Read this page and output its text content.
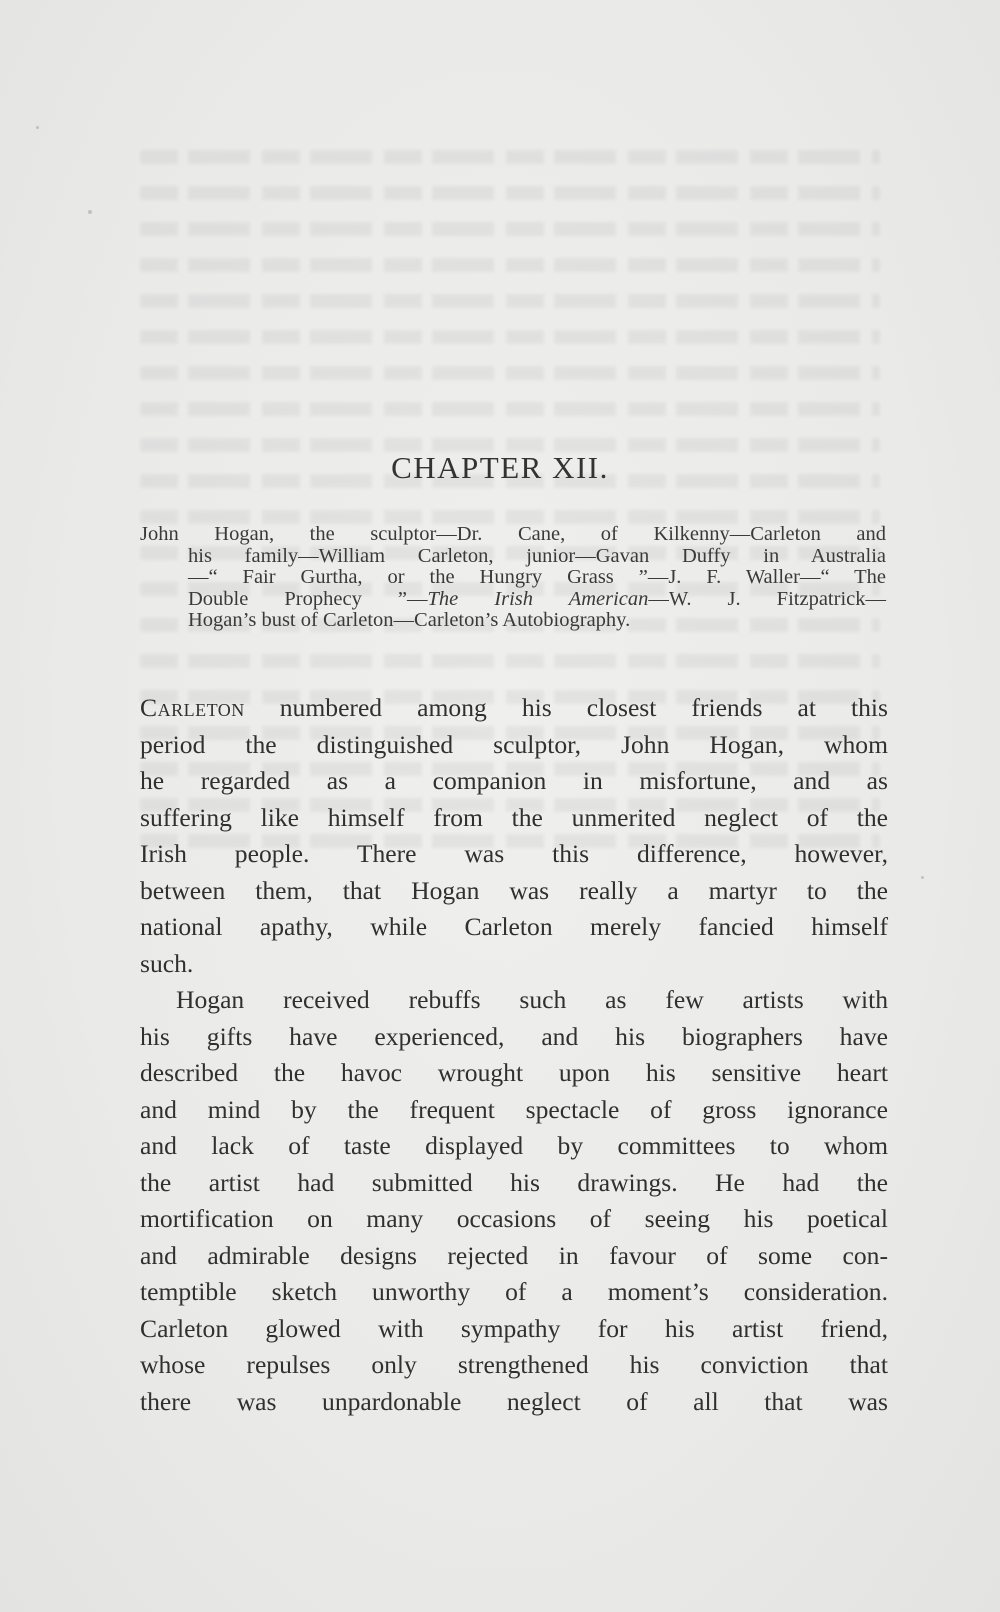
CHAPTER XII.
John Hogan, the sculptor—Dr. Cane, of Kilkenny—Carleton and
his family—William Carleton, junior—Gavan Duffy in Australia
—“ Fair Gurtha, or the Hungry Grass ”—J. F. Waller—“ The
Double Prophecy ”—The Irish American—W. J. Fitzpatrick—
Hogan’s bust of Carleton—Carleton’s Autobiography.
Carleton numbered among his closest friends at this
period the distinguished sculptor, John Hogan, whom
he regarded as a companion in misfortune, and as
suffering like himself from the unmerited neglect of the
Irish people. There was this difference, however,
between them, that Hogan was really a martyr to the
national apathy, while Carleton merely fancied himself
such.
Hogan received rebuffs such as few artists with
his gifts have experienced, and his biographers have
described the havoc wrought upon his sensitive heart
and mind by the frequent spectacle of gross ignorance
and lack of taste displayed by committees to whom
the artist had submitted his drawings. He had the
mortification on many occasions of seeing his poetical
and admirable designs rejected in favour of some con-
temptible sketch unworthy of a moment’s consideration.
Carleton glowed with sympathy for his artist friend,
whose repulses only strengthened his conviction that
there was unpardonable neglect of all that was
